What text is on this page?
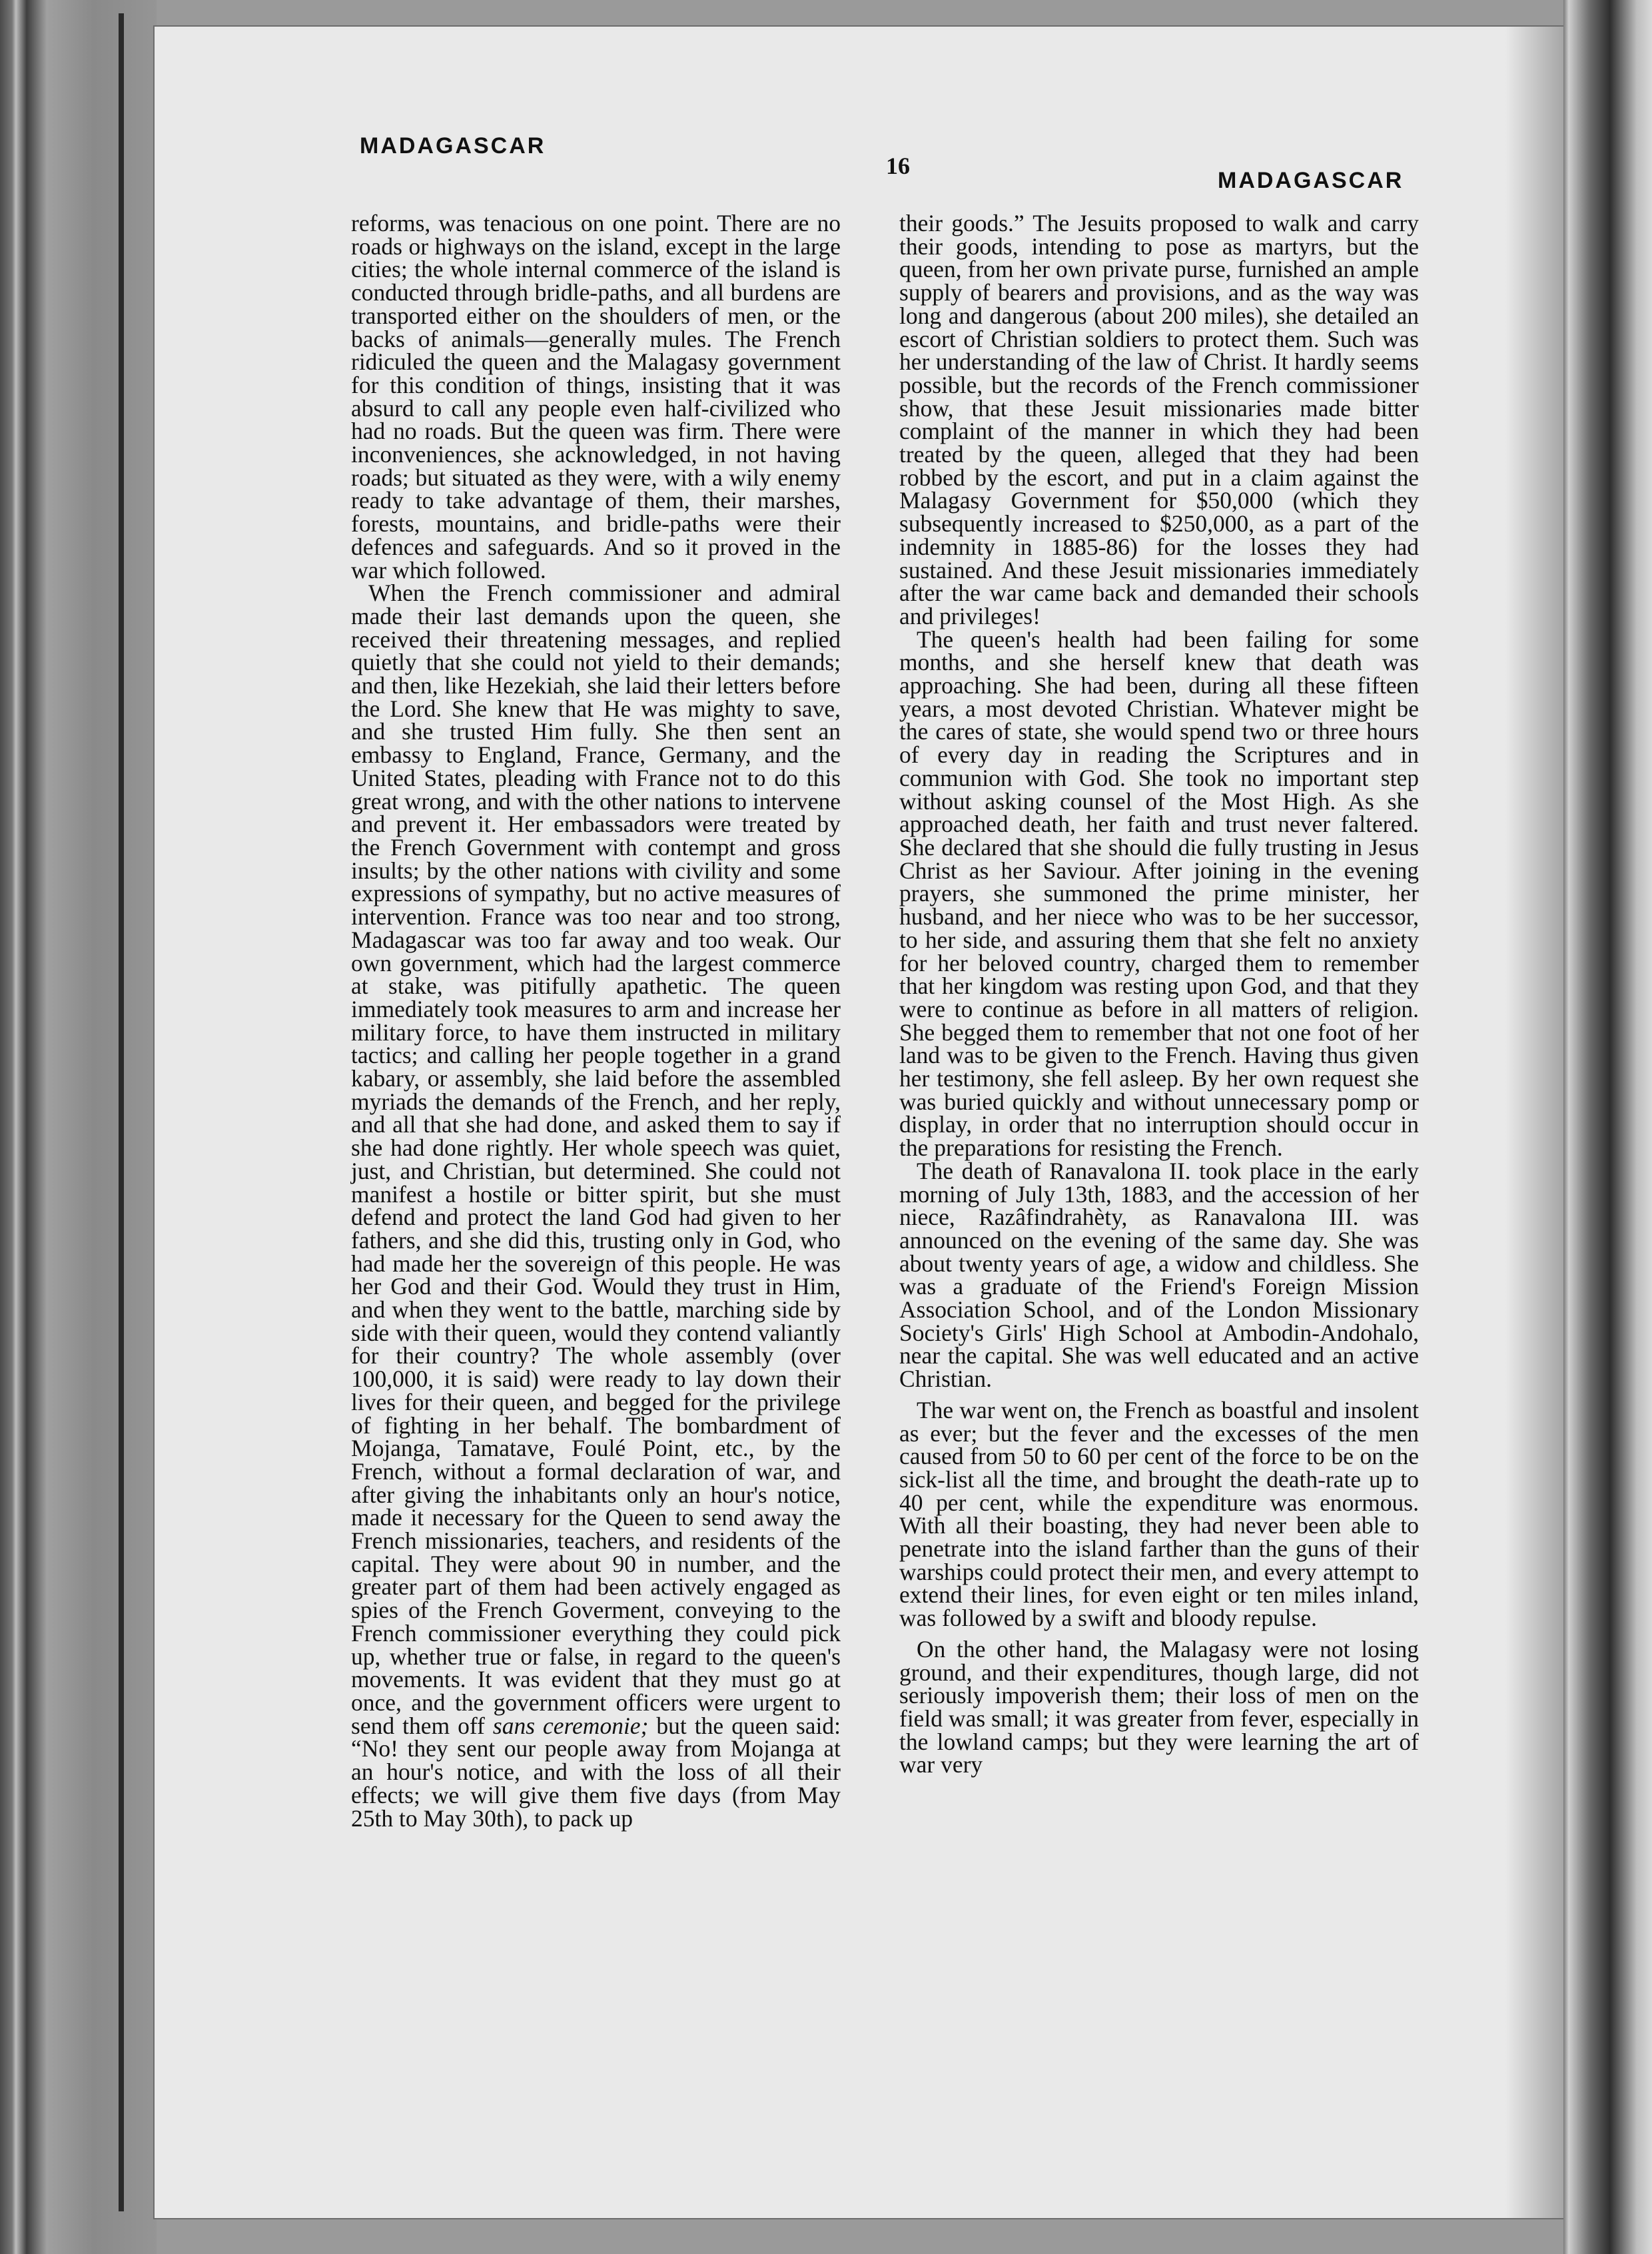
MADAGASCAR
16
MADAGASCAR

reforms, was tenacious on one point. There are no roads or highways on the island, except in the large cities; the whole internal commerce of the island is conducted through bridle-paths, and all burdens are transported either on the shoulders of men, or the backs of animals—generally mules. The French ridiculed the queen and the Malagasy government for this condition of things, insisting that it was absurd to call any people even half-civilized who had no roads. But the queen was firm. There were inconveniences, she acknowledged, in not having roads; but situated as they were, with a wily enemy ready to take advantage of them, their marshes, forests, mountains, and bridle-paths were their defences and safeguards. And so it proved in the war which followed.

When the French commissioner and admiral made their last demands upon the queen, she received their threatening messages, and replied quietly that she could not yield to their demands; and then, like Hezekiah, she laid their letters before the Lord. She knew that He was mighty to save, and she trusted Him fully. She then sent an embassy to England, France, Germany, and the United States, pleading with France not to do this great wrong, and with the other nations to intervene and prevent it. Her embassadors were treated by the French Government with contempt and gross insults; by the other nations with civility and some expressions of sympathy, but no active measures of intervention. France was too near and too strong, Madagascar was too far away and too weak. Our own government, which had the largest commerce at stake, was pitifully apathetic. The queen immediately took measures to arm and increase her military force, to have them instructed in military tactics; and calling her people together in a grand kabary, or assembly, she laid before the assembled myriads the demands of the French, and her reply, and all that she had done, and asked them to say if she had done rightly. Her whole speech was quiet, just, and Christian, but determined. She could not manifest a hostile or bitter spirit, but she must defend and protect the land God had given to her fathers, and she did this, trusting only in God, who had made her the sovereign of this people. He was her God and their God. Would they trust in Him, and when they went to the battle, marching side by side with their queen, would they contend valiantly for their country? The whole assembly (over 100,000, it is said) were ready to lay down their lives for their queen, and begged for the privilege of fighting in her behalf. The bombardment of Mojanga, Tamatave, Foulé Point, etc., by the French, without a formal declaration of war, and after giving the inhabitants only an hour's notice, made it necessary for the Queen to send away the French missionaries, teachers, and residents of the capital. They were about 90 in number, and the greater part of them had been actively engaged as spies of the French Goverment, conveying to the French commissioner everything they could pick up, whether true or false, in regard to the queen's movements. It was evident that they must go at once, and the government officers were urgent to send them off sans ceremonie; but the queen said: “No! they sent our people away from Mojanga at an hour's notice, and with the loss of all their effects; we will give them five days (from May 25th to May 30th), to pack up

their goods.” The Jesuits proposed to walk and carry their goods, intending to pose as martyrs, but the queen, from her own private purse, furnished an ample supply of bearers and provisions, and as the way was long and dangerous (about 200 miles), she detailed an escort of Christian soldiers to protect them. Such was her understanding of the law of Christ. It hardly seems possible, but the records of the French commissioner show, that these Jesuit missionaries made bitter complaint of the manner in which they had been treated by the queen, alleged that they had been robbed by the escort, and put in a claim against the Malagasy Government for $50,000 (which they subsequently increased to $250,000, as a part of the indemnity in 1885-86) for the losses they had sustained. And these Jesuit missionaries immediately after the war came back and demanded their schools and privileges!

The queen's health had been failing for some months, and she herself knew that death was approaching. She had been, during all these fifteen years, a most devoted Christian. Whatever might be the cares of state, she would spend two or three hours of every day in reading the Scriptures and in communion with God. She took no important step without asking counsel of the Most High. As she approached death, her faith and trust never faltered. She declared that she should die fully trusting in Jesus Christ as her Saviour. After joining in the evening prayers, she summoned the prime minister, her husband, and her niece who was to be her successor, to her side, and assuring them that she felt no anxiety for her beloved country, charged them to remember that her kingdom was resting upon God, and that they were to continue as before in all matters of religion. She begged them to remember that not one foot of her land was to be given to the French. Having thus given her testimony, she fell asleep. By her own request she was buried quickly and without unnecessary pomp or display, in order that no interruption should occur in the preparations for resisting the French.

The death of Ranavalona II. took place in the early morning of July 13th, 1883, and the accession of her niece, Razâfindrahèty, as Ranavalona III. was announced on the evening of the same day. She was about twenty years of age, a widow and childless. She was a graduate of the Friend's Foreign Mission Association School, and of the London Missionary Society's Girls' High School at Ambodin-Andohalo, near the capital. She was well educated and an active Christian.

The war went on, the French as boastful and insolent as ever; but the fever and the excesses of the men caused from 50 to 60 per cent of the force to be on the sick-list all the time, and brought the death-rate up to 40 per cent, while the expenditure was enormous. With all their boasting, they had never been able to penetrate into the island farther than the guns of their warships could protect their men, and every attempt to extend their lines, for even eight or ten miles inland, was followed by a swift and bloody repulse.

On the other hand, the Malagasy were not losing ground, and their expenditures, though large, did not seriously impoverish them; their loss of men on the field was small; it was greater from fever, especially in the lowland camps; but they were learning the art of war very
